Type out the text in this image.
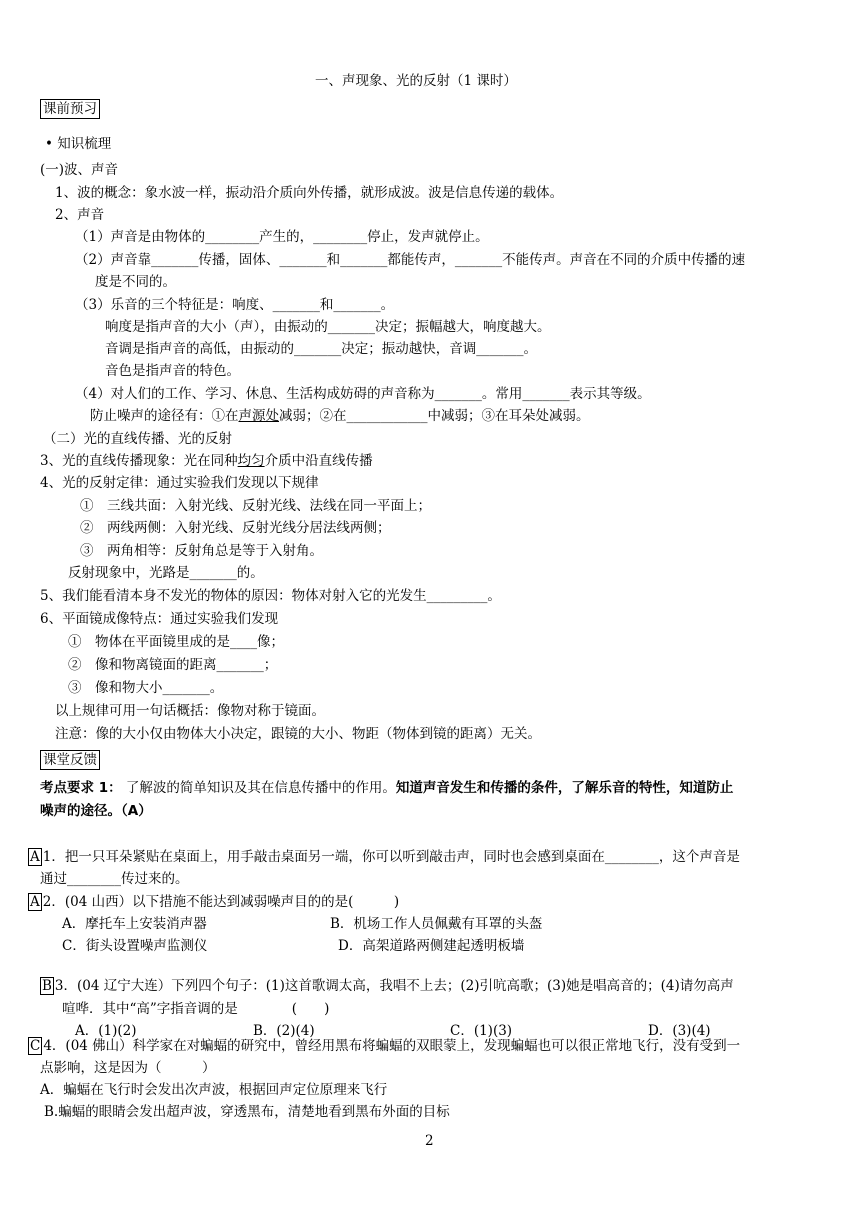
一、声现象、光的反射（1 课时）
课前预习
• 知识梳理
(一)波、声音
1、波的概念：象水波一样，振动沿介质向外传播，就形成波。波是信息传递的载体。
2、声音
（1）声音是由物体的________产生的，________停止，发声就停止。
（2）声音靠_______传播，固体、_______和_______都能传声，_______不能传声。声音在不同的介质中传播的速
度是不同的。
（3）乐音的三个特征是：响度、_______和_______。
响度是指声音的大小（声），由振动的_______决定；振幅越大，响度越大。
音调是指声音的高低，由振动的_______决定；振动越快，音调_______。
音色是指声音的特色。
（4）对人们的工作、学习、休息、生活构成妨碍的声音称为_______。常用_______表示其等级。
防止噪声的途径有：①在声源处减弱；②在____________中减弱；③在耳朵处减弱。
（二）光的直线传播、光的反射
3、光的直线传播现象：光在同种均匀介质中沿直线传播
4、光的反射定律：通过实验我们发现以下规律
①　三线共面：入射光线、反射光线、法线在同一平面上；
②　两线两侧：入射光线、反射光线分居法线两侧；
③　两角相等：反射角总是等于入射角。
反射现象中，光路是_______的。
5、我们能看清本身不发光的物体的原因：物体对射入它的光发生_________。
6、平面镜成像特点：通过实验我们发现
①　物体在平面镜里成的是____像；
②　像和物离镜面的距离_______；
③　像和物大小_______。
以上规律可用一句话概括：像物对称于镜面。
注意：像的大小仅由物体大小决定，跟镜的大小、物距（物体到镜的距离）无关。
课堂反馈
考点要求 1： 了解波的简单知识及其在信息传播中的作用。知道声音发生和传播的条件，了解乐音的特性，知道防止
噪声的途径。（A）
A 1．把一只耳朵紧贴在桌面上，用手敲击桌面另一端，你可以听到敲击声，同时也会感到桌面在________，这个声音是
通过________传过来的。
A 2．(04 山西）以下措施不能达到减弱噪声目的的是(　　　)
A．摩托车上安装消声器	B．机场工作人员佩戴有耳罩的头盔
C．街头设置噪声监测仪	D．高架道路两侧建起透明板墙
B 3．(04 辽宁大连）下列四个句子：(1)这首歌调太高，我唱不上去；(2)引吭高歌；(3)她是唱高音的；(4)请勿高声
喧哗．其中“高”字指音调的是　　　　(　　)
A．(1)(2)	B．(2)(4)	C．(1)(3)	D．(3)(4)
C 4．(04 佛山）科学家在对蝙蝠的研究中，曾经用黑布将蝙蝠的双眼蒙上，发现蝙蝠也可以很正常地飞行，没有受到一
点影响，这是因为（　　　）
A．蝙蝠在飞行时会发出次声波，根据回声定位原理来飞行
B.蝙蝠的眼睛会发出超声波，穿透黑布，清楚地看到黑布外面的目标
2
